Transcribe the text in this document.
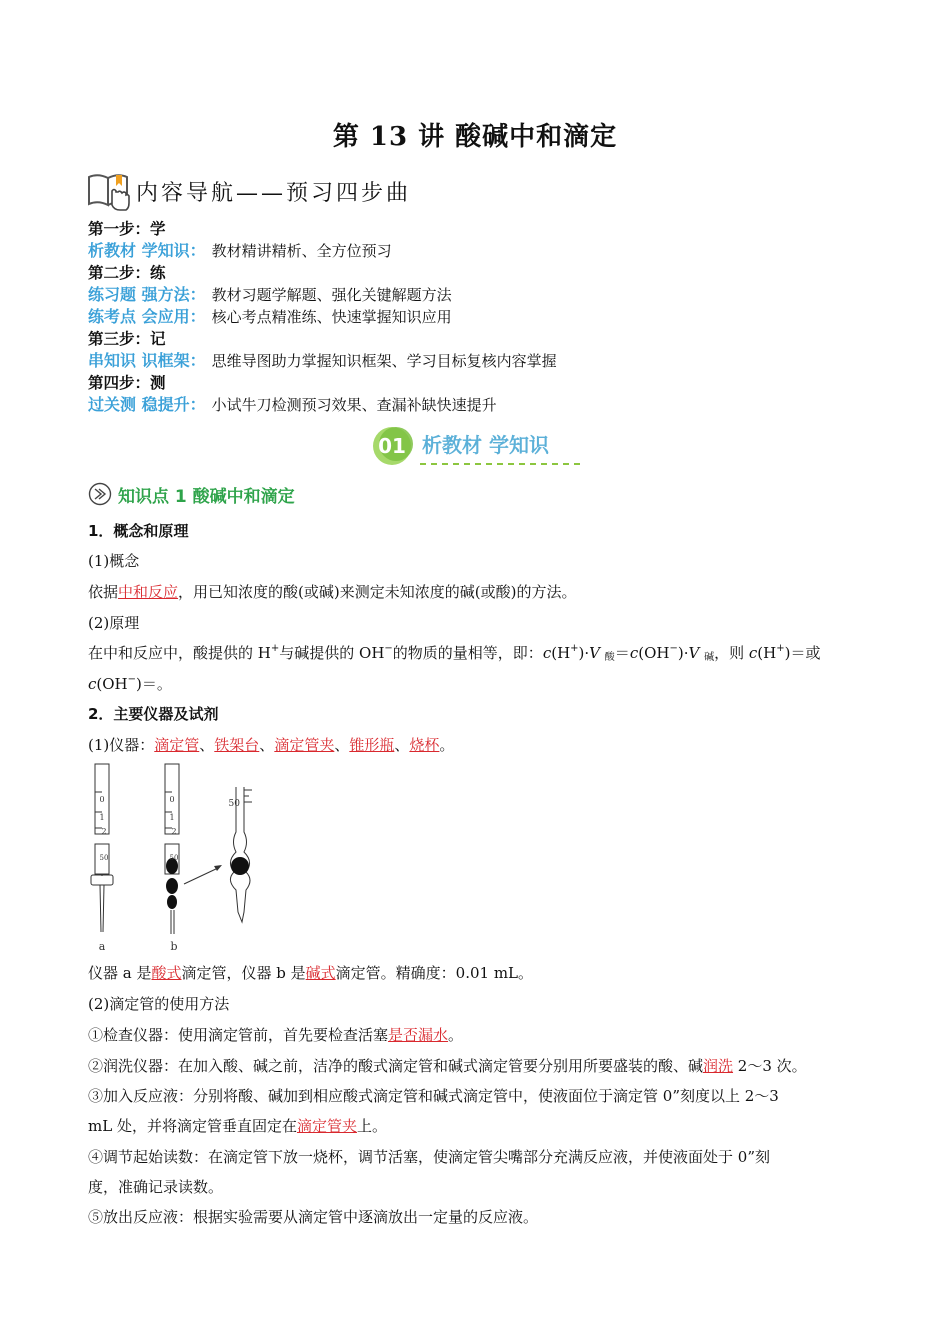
第 13 讲 酸碱中和滴定
内容导航——预习四步曲
第一步：学
析教材 学知识： 教材精讲精析、全方位预习
第二步：练
练习题 强方法： 教材习题学解题、强化关键解题方法
练考点 会应用： 核心考点精准练、快速掌握知识应用
第三步：记
串知识 识框架： 思维导图助力掌握知识框架、学习目标复核内容掌握
第四步：测
过关测 稳提升： 小试牛刀检测预习效果、查漏补缺快速提升
01 析教材 学知识
知识点 1 酸碱中和滴定
1．概念和原理
(1)概念
依据中和反应，用已知浓度的酸(或碱)来测定未知浓度的碱(或酸)的方法。
(2)原理
在中和反应中，酸提供的 H+与碱提供的 OH−的物质的量相等，即：c(H+)·V $_酸$＝c(OH−)·V $_碱$，则 c(H+)＝或
c(OH−)＝。
2．主要仪器及试剂
(1)仪器：滴定管、铁架台、滴定管夹、锥形瓶、烧杯。
0
1
2
50
0
1
2
50
50
a	b
仪器 a 是酸式滴定管，仪器 b 是碱式滴定管。精确度：0.01 mL。
(2)滴定管的使用方法
①检查仪器：使用滴定管前，首先要检查活塞是否漏水。
②润洗仪器：在加入酸、碱之前，洁净的酸式滴定管和碱式滴定管要分别用所要盛装的酸、碱润洗 2～3 次。
③加入反应液：分别将酸、碱加到相应酸式滴定管和碱式滴定管中，使液面位于滴定管 0”刻度以上 2～3
mL 处，并将滴定管垂直固定在滴定管夹上。
④调节起始读数：在滴定管下放一烧杯，调节活塞，使滴定管尖嘴部分充满反应液，并使液面处于 0”刻
度，准确记录读数。
⑤放出反应液：根据实验需要从滴定管中逐滴放出一定量的反应液。
